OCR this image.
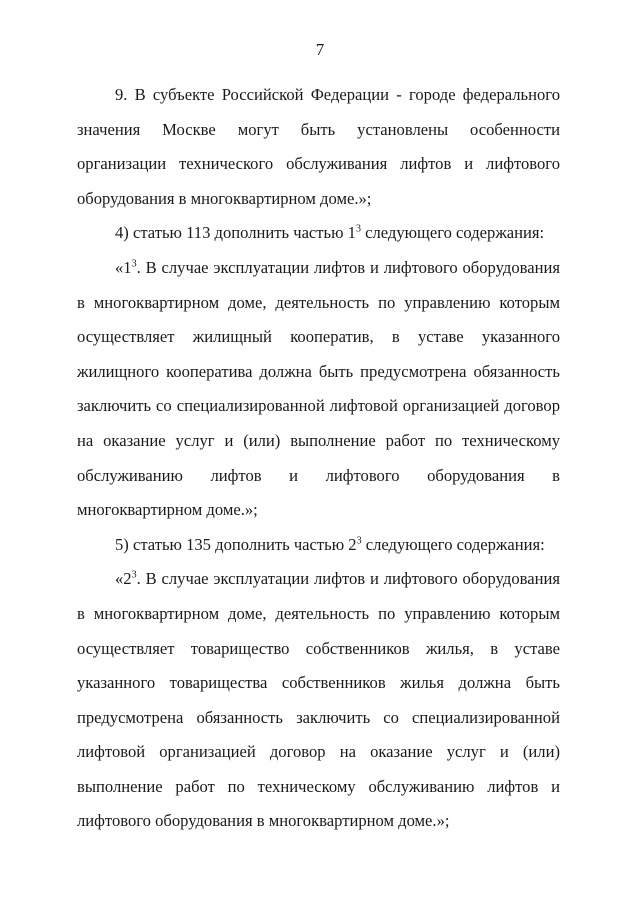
7

9. В субъекте Российской Федерации - городе федерального значения Москве могут быть установлены особенности организации технического обслуживания лифтов и лифтового оборудования в многоквартирном доме.»;

4) статью 113 дополнить частью $1^3$ следующего содержания:

«$1^3$. В случае эксплуатации лифтов и лифтового оборудования в многоквартирном доме, деятельность по управлению которым осуществляет жилищный кооператив, в уставе указанного жилищного кооператива должна быть предусмотрена обязанность заключить со специализированной лифтовой организацией договор на оказание услуг и (или) выполнение работ по техническому обслуживанию лифтов и лифтового оборудования в многоквартирном доме.»;

5) статью 135 дополнить частью $2^3$ следующего содержания:

«$2^3$. В случае эксплуатации лифтов и лифтового оборудования в многоквартирном доме, деятельность по управлению которым осуществляет товарищество собственников жилья, в уставе указанного товарищества собственников жилья должна быть предусмотрена обязанность заключить со специализированной лифтовой организацией договор на оказание услуг и (или) выполнение работ по техническому обслуживанию лифтов и лифтового оборудования в многоквартирном доме.»;
